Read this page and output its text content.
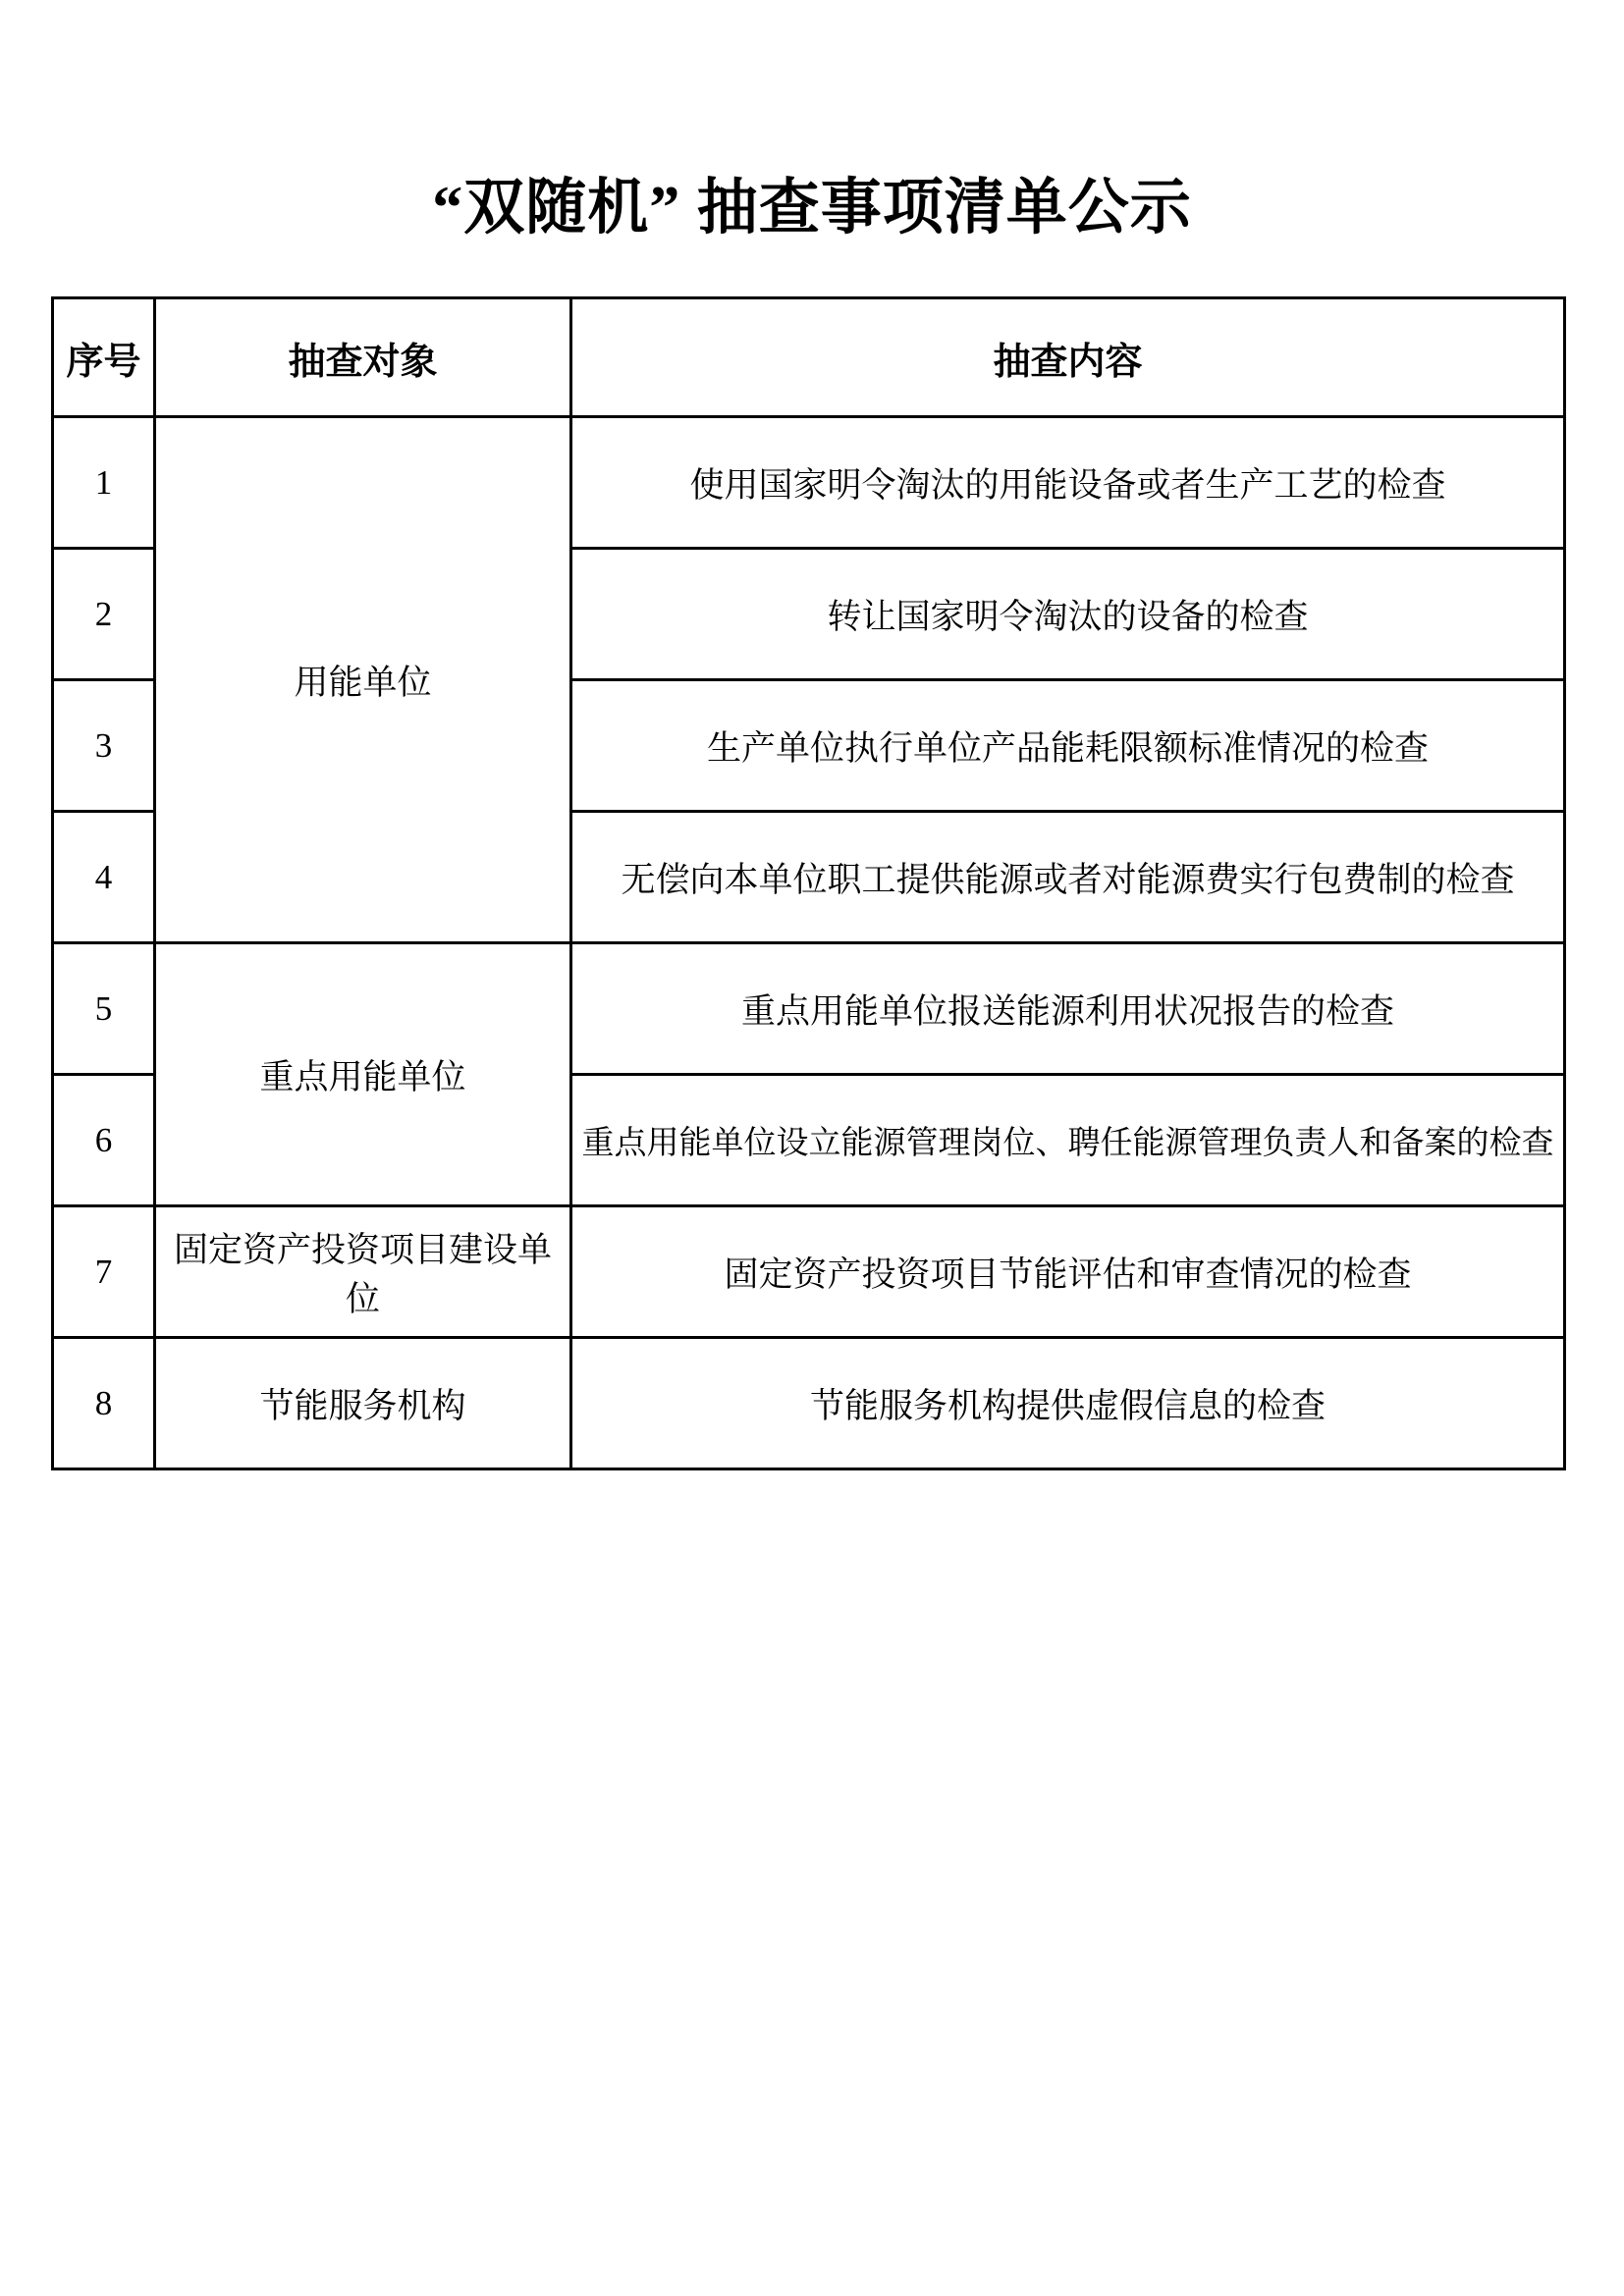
“双随机” 抽查事项清单公示
序号	抽查对象	抽查内容
1	用能单位	使用国家明令淘汰的用能设备或者生产工艺的检查
2		转让国家明令淘汰的设备的检查
3		生产单位执行单位产品能耗限额标准情况的检查
4		无偿向本单位职工提供能源或者对能源费实行包费制的检查
5	重点用能单位	重点用能单位报送能源利用状况报告的检查
6		重点用能单位设立能源管理岗位、聘任能源管理负责人和备案的检查
7	固定资产投资项目建设单位	固定资产投资项目节能评估和审查情况的检查
8	节能服务机构	节能服务机构提供虚假信息的检查
